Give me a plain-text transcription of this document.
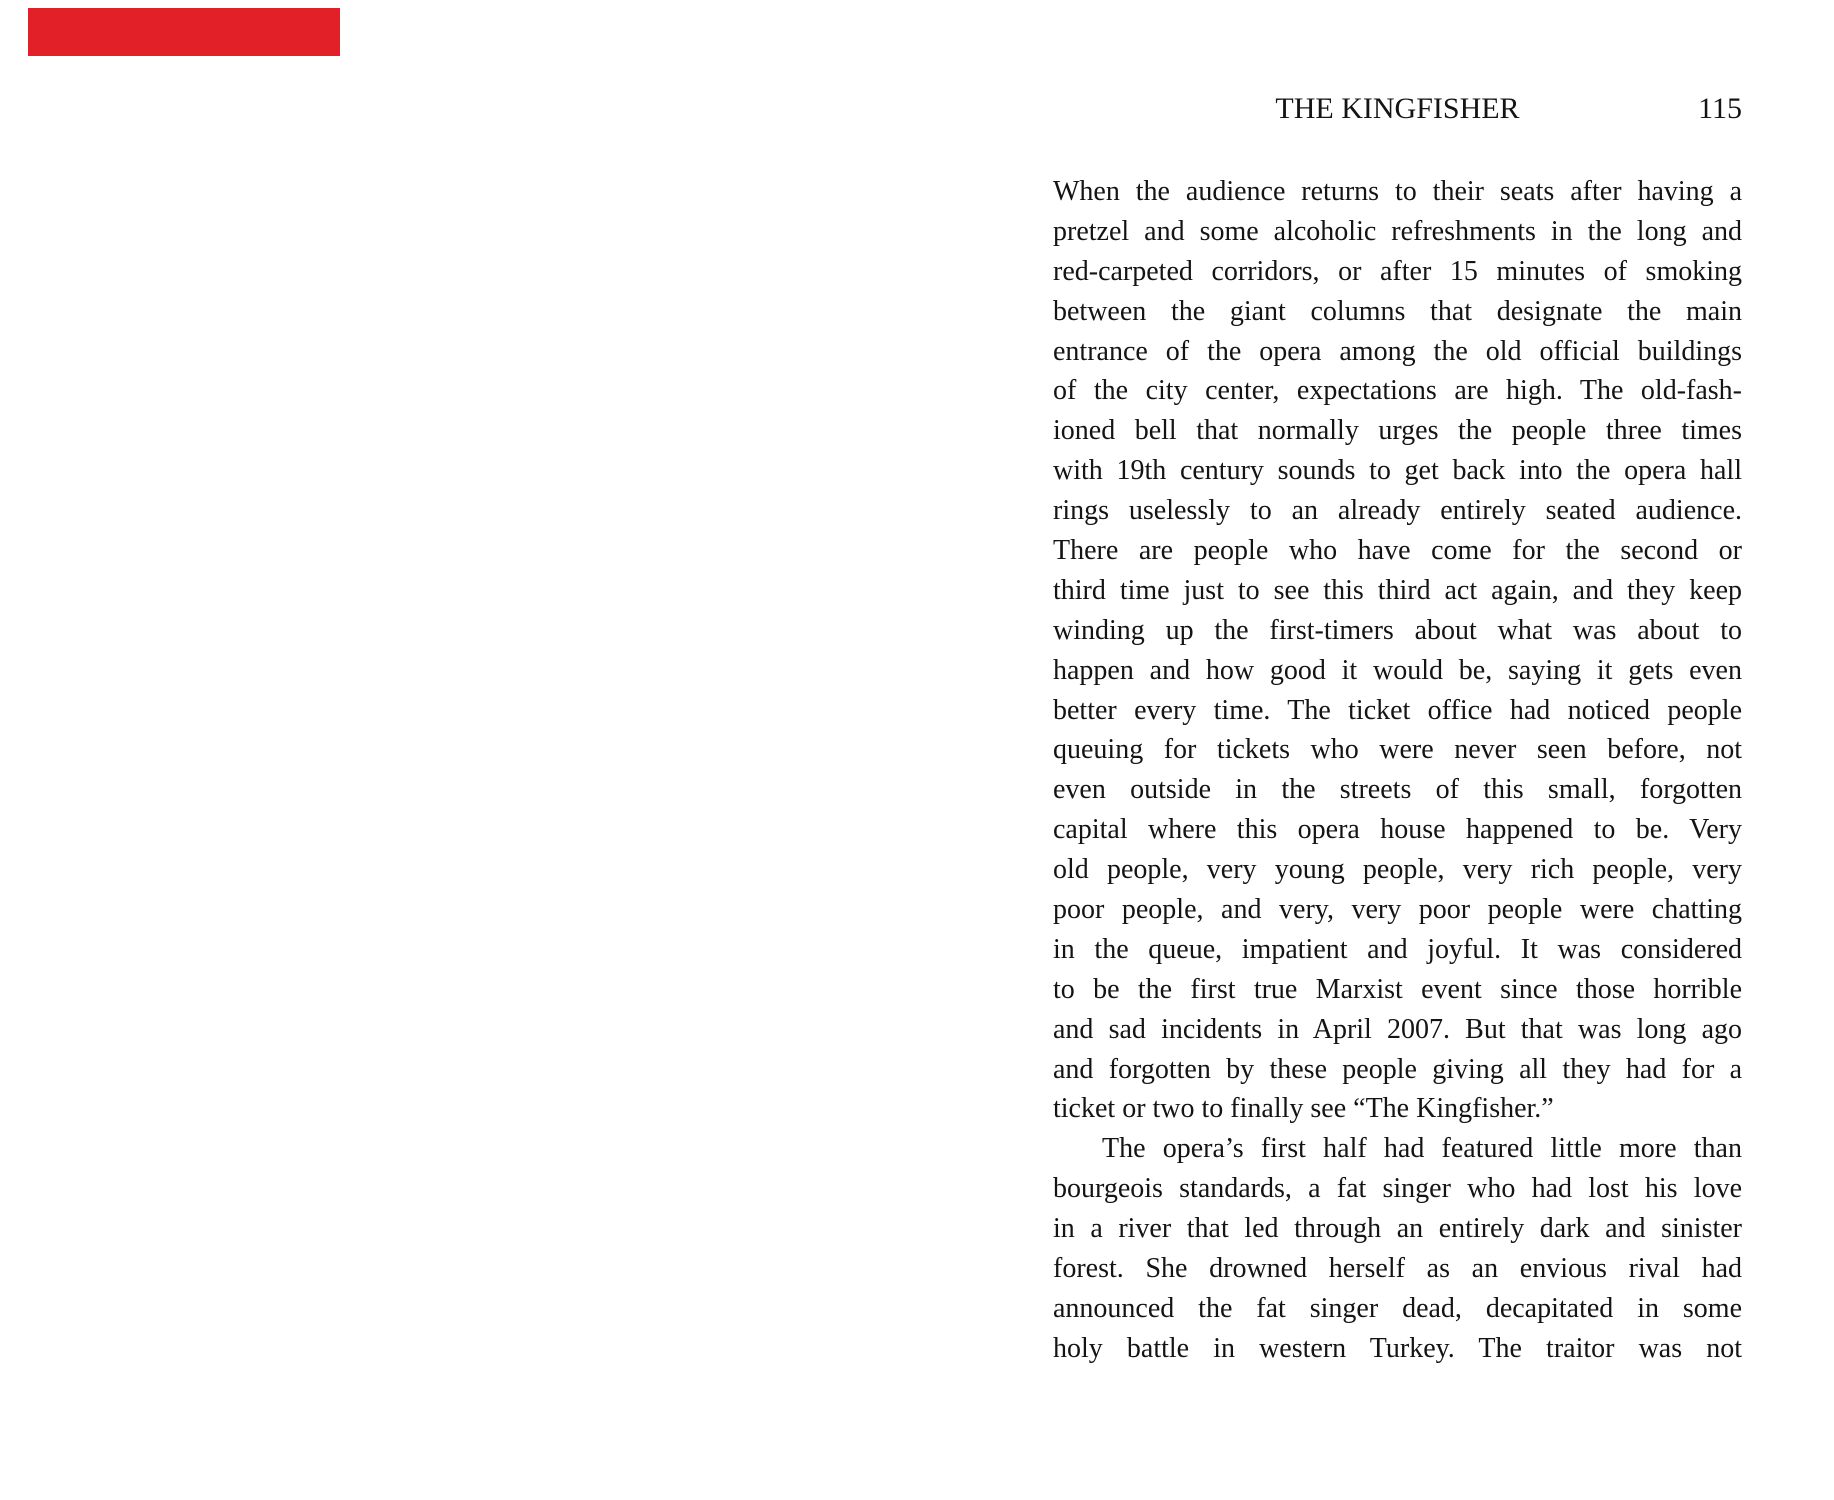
THE KINGFISHER	115
When the audience returns to their seats after having a
pretzel and some alcoholic refreshments in the long and
red-carpeted corridors, or after 15 minutes of smoking
between the giant columns that designate the main
entrance of the opera among the old official buildings
of the city center, expectations are high. The old-fash-
ioned bell that normally urges the people three times
with 19th century sounds to get back into the opera hall
rings uselessly to an already entirely seated audience.
There are people who have come for the second or
third time just to see this third act again, and they keep
winding up the first-timers about what was about to
happen and how good it would be, saying it gets even
better every time. The ticket office had noticed people
queuing for tickets who were never seen before, not
even outside in the streets of this small, forgotten
capital where this opera house happened to be. Very
old people, very young people, very rich people, very
poor people, and very, very poor people were chatting
in the queue, impatient and joyful. It was considered
to be the first true Marxist event since those horrible
and sad incidents in April 2007. But that was long ago
and forgotten by these people giving all they had for a
ticket or two to finally see “The Kingfisher.”
The opera’s first half had featured little more than
bourgeois standards, a fat singer who had lost his love
in a river that led through an entirely dark and sinister
forest. She drowned herself as an envious rival had
announced the fat singer dead, decapitated in some
holy battle in western Turkey. The traitor was not
